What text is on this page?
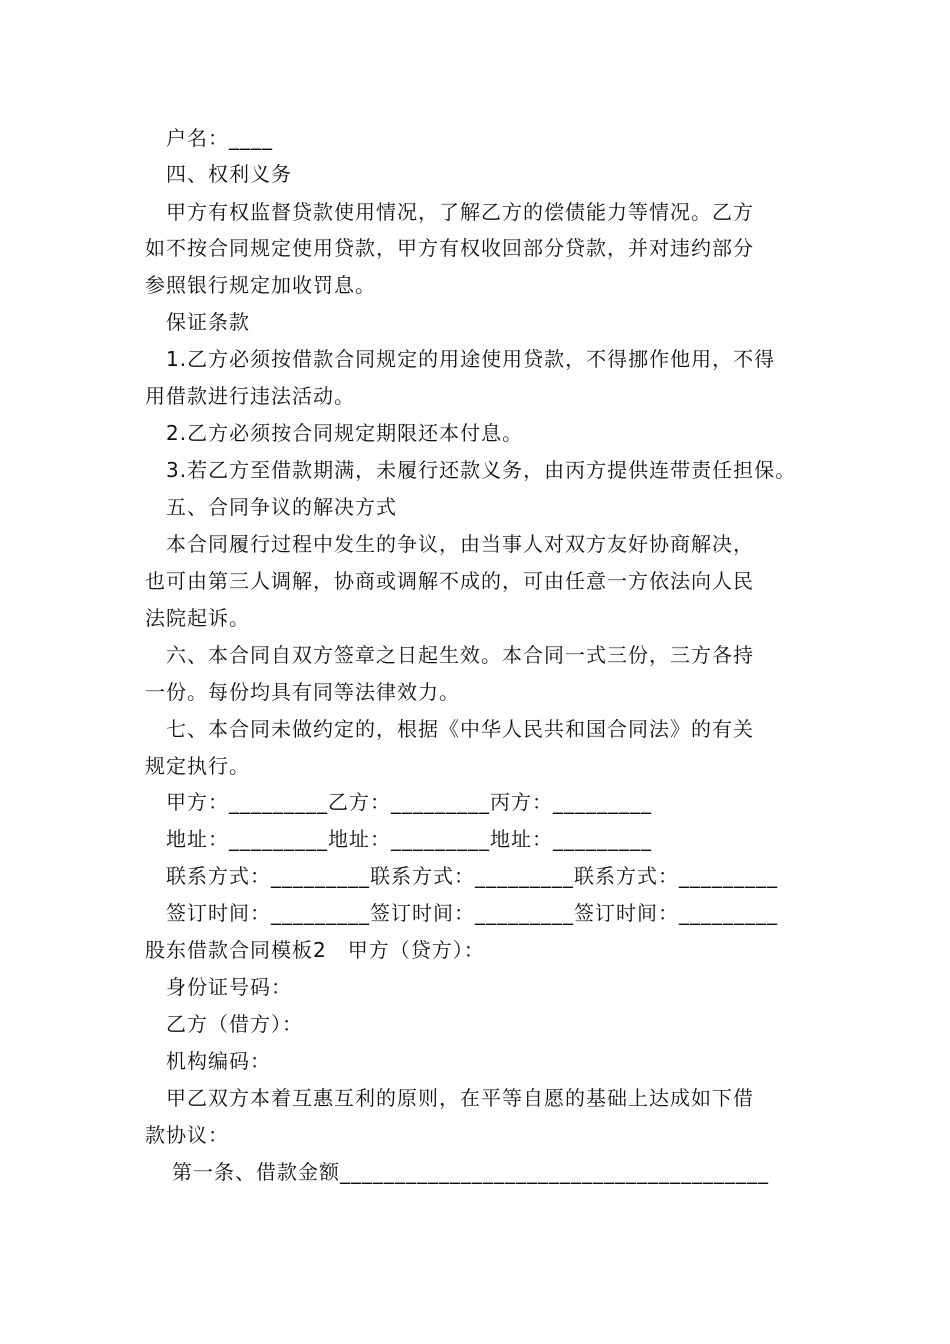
户名：____
四、权利义务
甲方有权监督贷款使用情况，了解乙方的偿债能力等情况。乙方
如不按合同规定使用贷款，甲方有权收回部分贷款，并对违约部分
参照银行规定加收罚息。
保证条款
1.乙方必须按借款合同规定的用途使用贷款，不得挪作他用，不得
用借款进行违法活动。
2.乙方必须按合同规定期限还本付息。
3.若乙方至借款期满，未履行还款义务，由丙方提供连带责任担保。
五、合同争议的解决方式
本合同履行过程中发生的争议，由当事人对双方友好协商解决，
也可由第三人调解，协商或调解不成的，可由任意一方依法向人民
法院起诉。
六、本合同自双方签章之日起生效。本合同一式三份，三方各持
一份。每份均具有同等法律效力。
七、本合同未做约定的，根据《中华人民共和国合同法》的有关
规定执行。
甲方：_________乙方：_________丙方：_________
地址：_________地址：_________地址：_________
联系方式：_________联系方式：_________联系方式：_________
签订时间：_________签订时间：_________签订时间：_________
股东借款合同模板2　甲方（贷方）：
身份证号码：
乙方（借方）：
机构编码：
甲乙双方本着互惠互利的原则，在平等自愿的基础上达成如下借
款协议：
第一条、借款金额_______________________________________
